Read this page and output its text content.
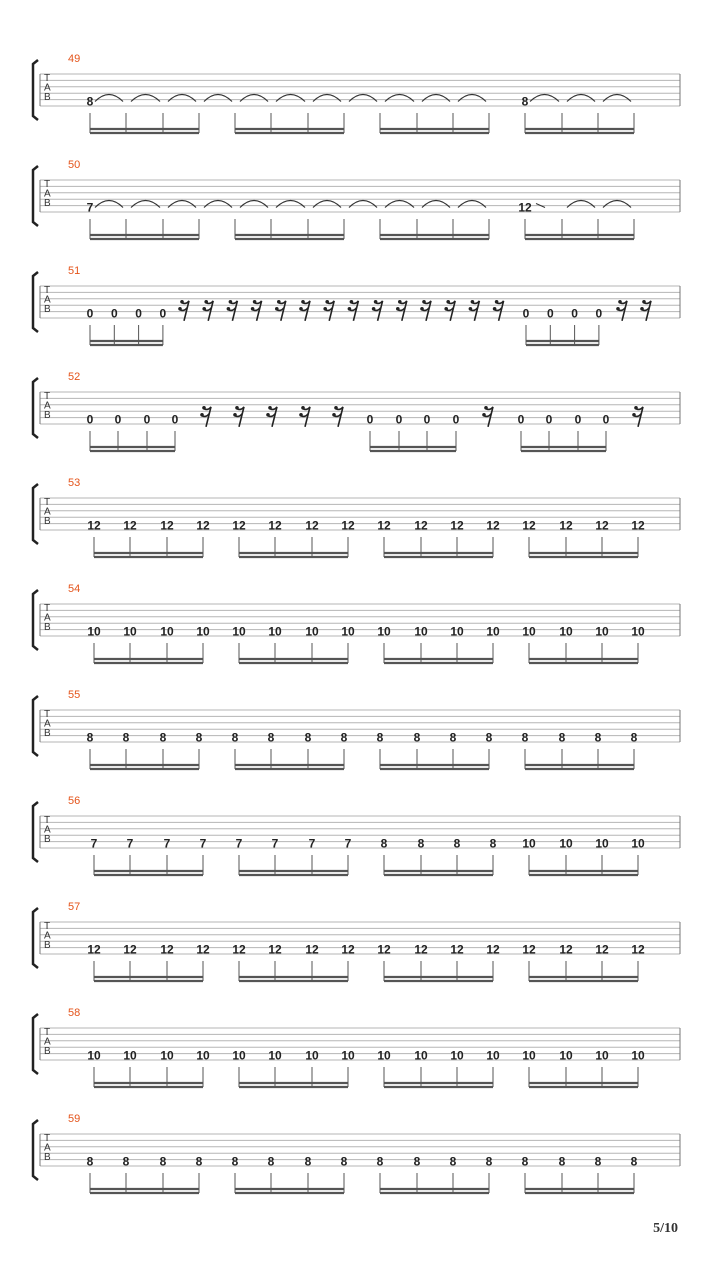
49
T
A
B	8	8
50
T
A
B	7	12
51
T
A
B	0 0 0 0	0 0 0 0
52
T
A
B	0 0 0 0	0 0 0 0	0 0 0 0
53
T
A
B	12 12 12 12 12 12 12 12 12 12 12 12 12 12 12 12
54
T
A
B	10 10 10 10 10 10 10 10 10 10 10 10 10 10 10 10
55
T
A
B	8 8	8 8 8 8	8 8 8	8 8 8 8	8 8 8
56
T
A
B	7 7	7 7 7 7	7 7 8	8 8 8 10 10 10 10
57
T
A
B	12 12 12 12 12 12 12 12 12 12 12 12 12 12 12 12
58
T
A
B	10 10 10 10 10 10 10 10 10 10 10 10 10 10 10 10
59
T
A
B	8 8	8 8 8 8	8 8 8	8 8 8 8	8 8 8
5/10
